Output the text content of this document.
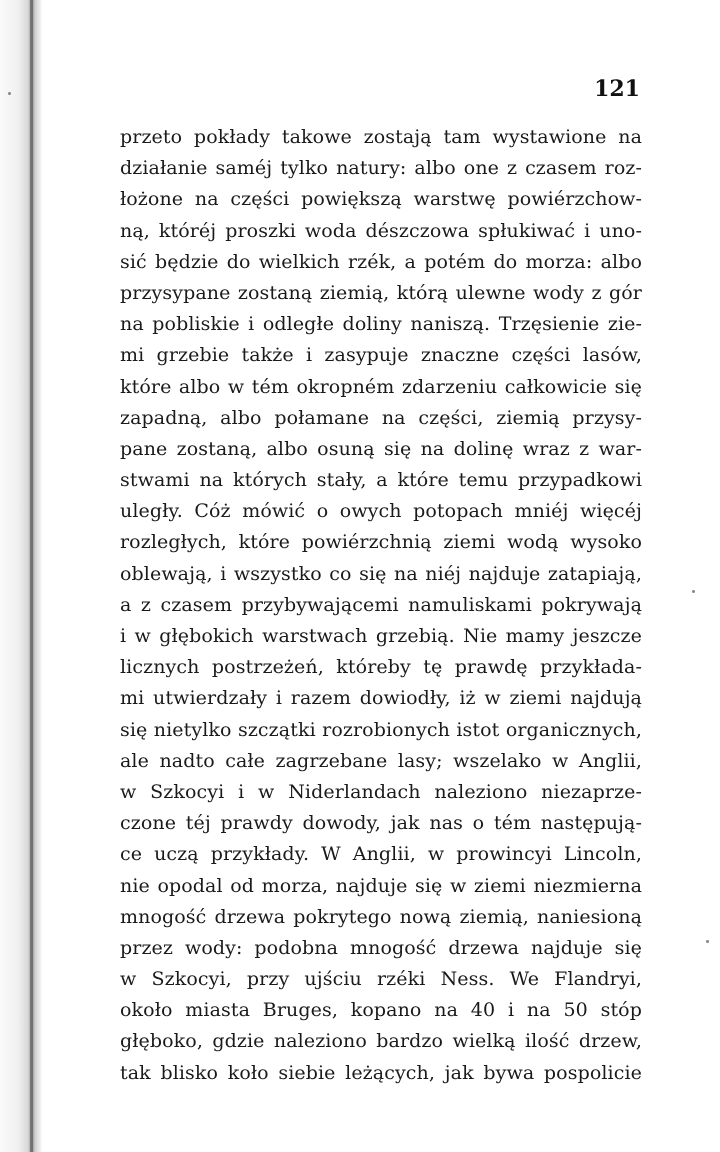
121
przeto pokłady takowe zostają tam wystawione na
działanie saméj tylko natury: albo one z czasem roz-
łożone na części powiększą warstwę powiérzchow-
ną, któréj proszki woda dészczowa spłukiwać i uno-
sić będzie do wielkich rzék, a potém do morza: albo
przysypane zostaną ziemią, którą ulewne wody z gór
na pobliskie i odległe doliny naniszą. Trzęsienie zie-
mi grzebie także i zasypuje znaczne części lasów,
które albo w tém okropném zdarzeniu całkowicie się
zapadną, albo połamane na części, ziemią przysy-
pane zostaną, albo osuną się na dolinę wraz z war-
stwami na których stały, a które temu przypadkowi
uległy. Cóż mówić o owych potopach mniéj więcéj
rozległych, które powiérzchnią ziemi wodą wysoko
oblewają, i wszystko co się na niéj najduje zatapiają,
a z czasem przybywającemi namuliskami pokrywają
i w głębokich warstwach grzebią. Nie mamy jeszcze
licznych postrzeżeń, któreby tę prawdę przykłada-
mi utwierdzały i razem dowiodły, iż w ziemi najdują
się nietylko szczątki rozrobionych istot organicznych,
ale nadto całe zagrzebane lasy; wszelako w Anglii,
w Szkocyi i w Niderlandach naleziono niezaprze-
czone téj prawdy dowody, jak nas o tém następują-
ce uczą przykłady. W Anglii, w prowincyi Lincoln,
nie opodal od morza, najduje się w ziemi niezmierna
mnogość drzewa pokrytego nową ziemią, naniesioną
przez wody: podobna mnogość drzewa najduje się
w Szkocyi, przy ujściu rzéki Ness. We Flandryi,
około miasta Bruges, kopano na 40 i na 50 stóp
głęboko, gdzie naleziono bardzo wielką ilość drzew,
tak blisko koło siebie leżących, jak bywa pospolicie
